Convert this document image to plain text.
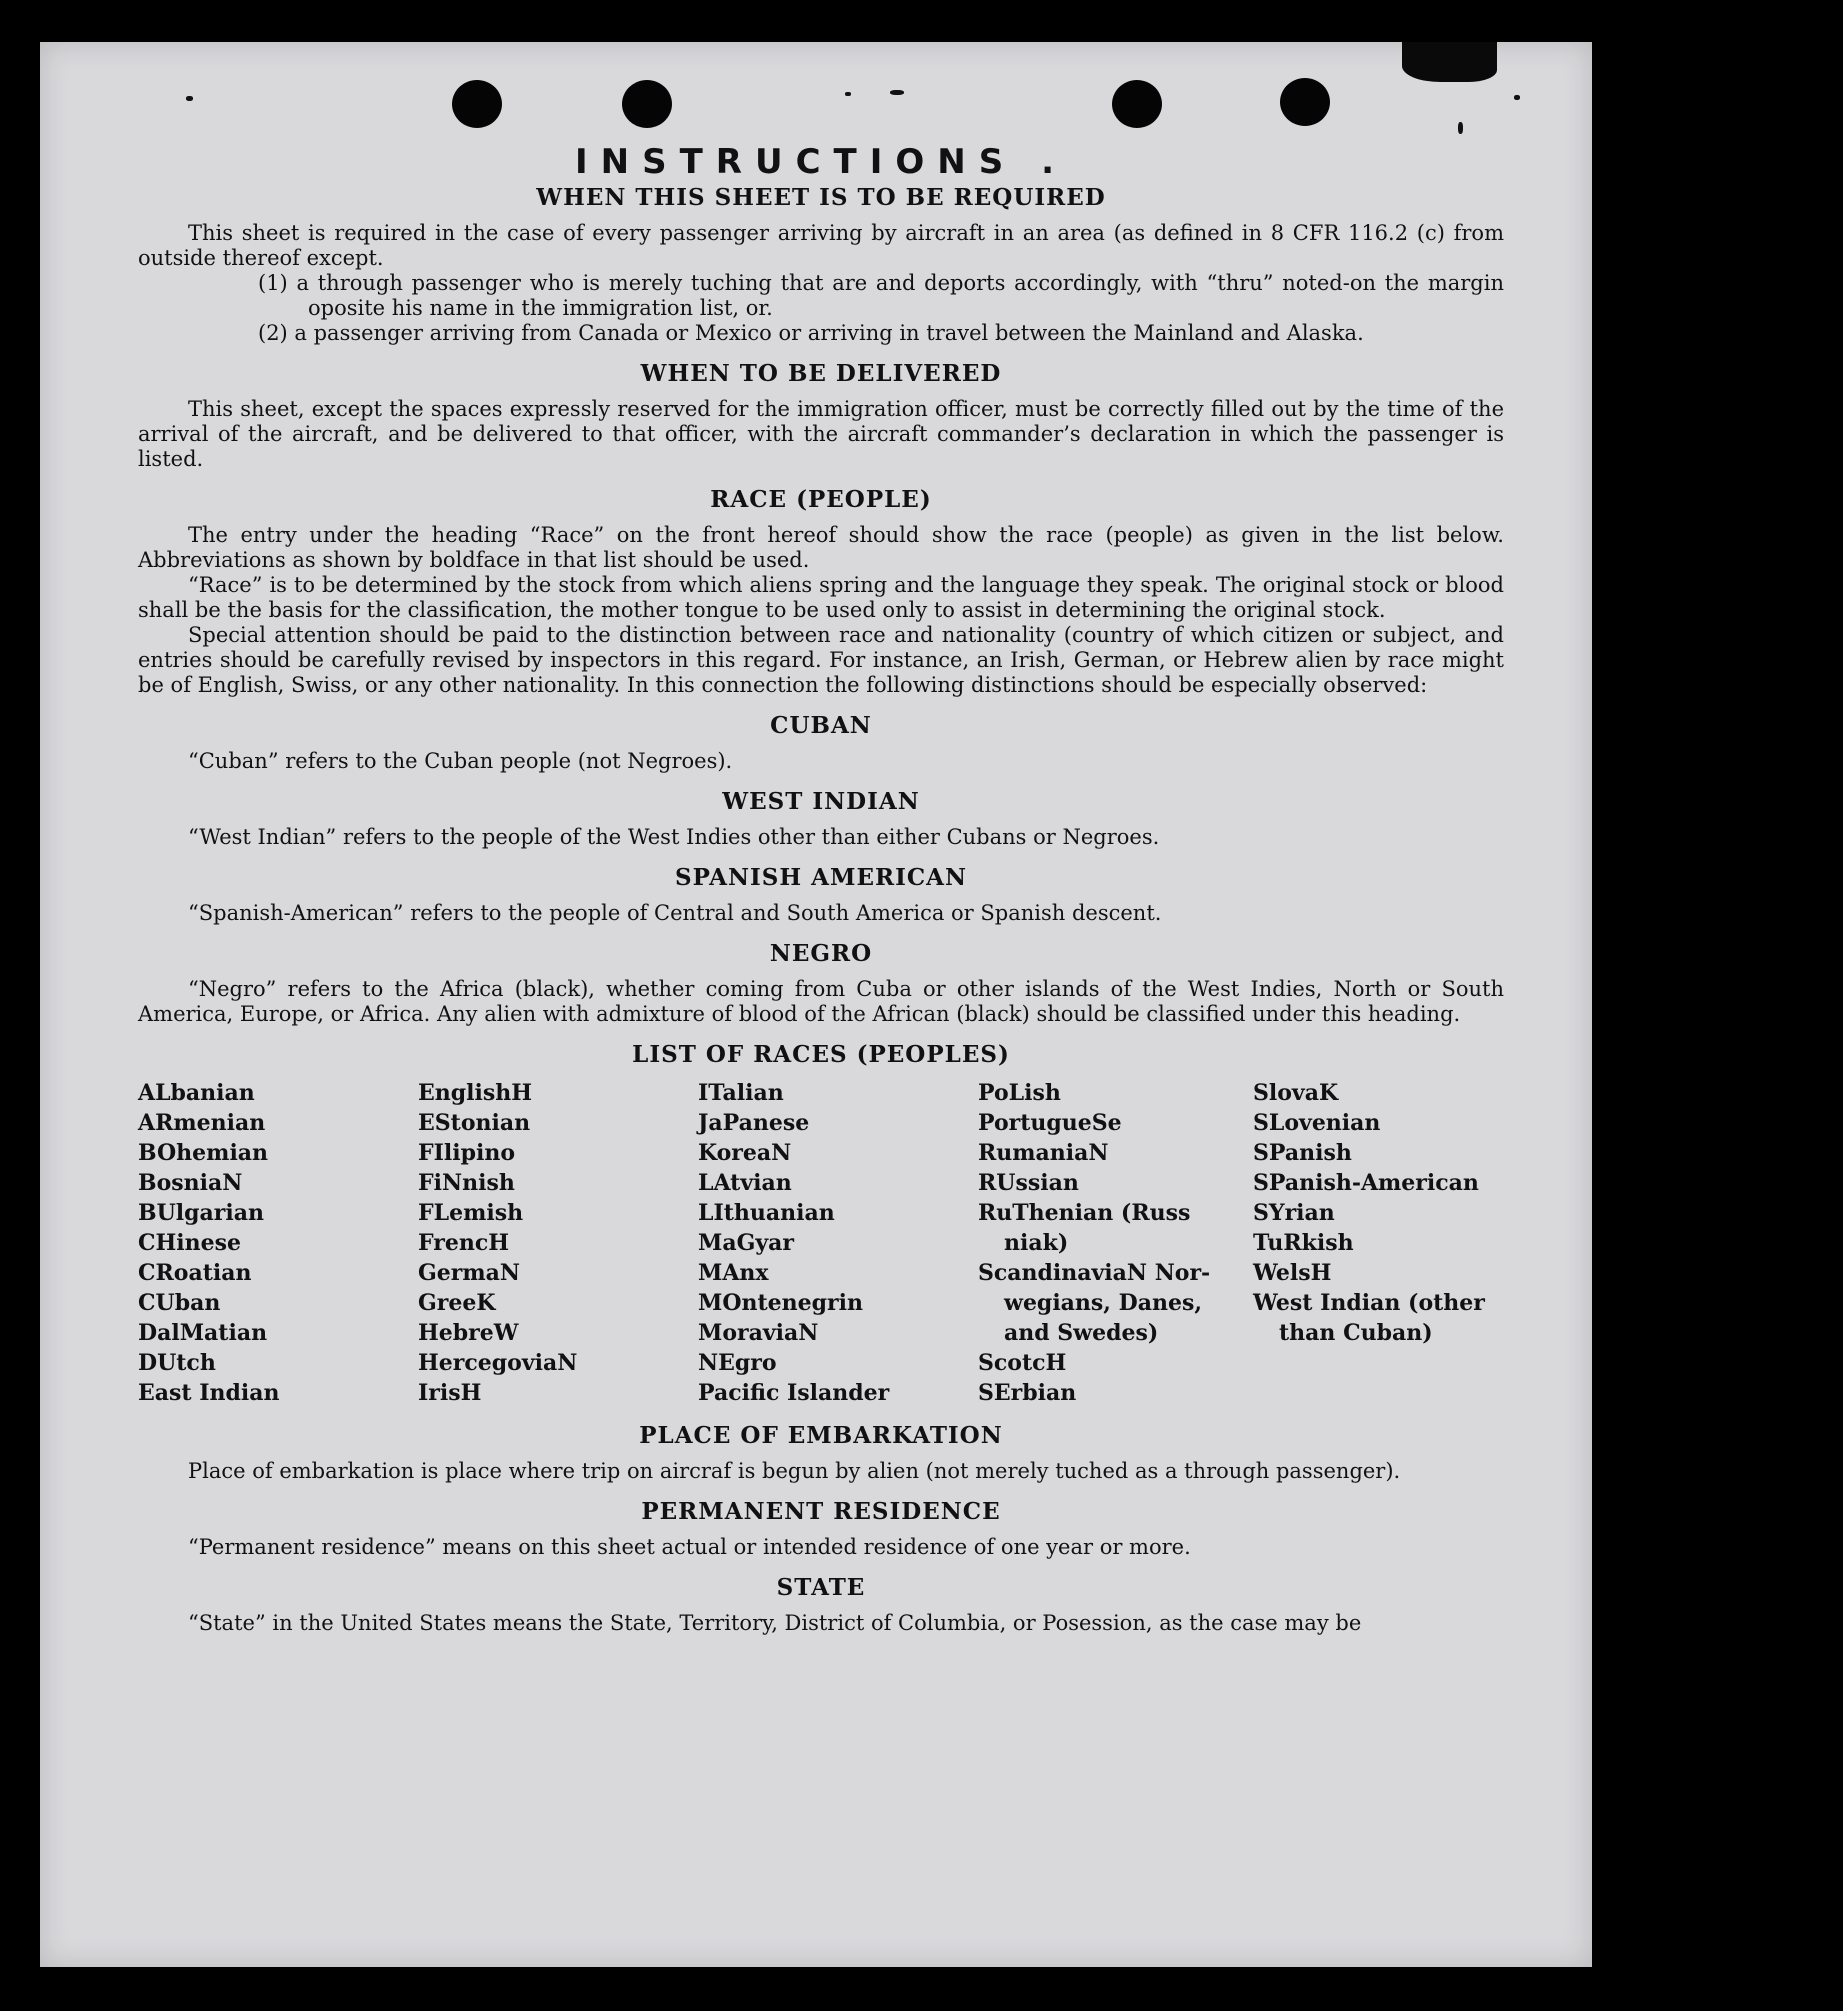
INSTRUCTIONS .
WHEN THIS SHEET IS TO BE REQUIRED

This sheet is required in the case of every passenger arriving by aircraft in an area (as defined in 8 CFR 116.2 (c) from outside thereof except.

(1) a through passenger who is merely tuching that are and deports accordingly, with “thru” noted-on the margin oposite his name in the immigration list, or.

(2) a passenger arriving from Canada or Mexico or arriving in travel between the Mainland and Alaska.

WHEN TO BE DELIVERED

This sheet, except the spaces expressly reserved for the immigration officer, must be correctly filled out by the time of the arrival of the aircraft, and be delivered to that officer, with the aircraft commander’s declaration in which the passenger is listed.

RACE (PEOPLE)

The entry under the heading “Race” on the front hereof should show the race (people) as given in the list below. Abbreviations as shown by boldface in that list should be used.

“Race” is to be determined by the stock from which aliens spring and the language they speak. The original stock or blood shall be the basis for the classification, the mother tongue to be used only to assist in determining the original stock.

Special attention should be paid to the distinction between race and nationality (country of which citizen or subject, and entries should be carefully revised by inspectors in this regard. For instance, an Irish, German, or Hebrew alien by race might be of English, Swiss, or any other nationality. In this connection the following distinctions should be especially observed:

CUBAN

“Cuban” refers to the Cuban people (not Negroes).

WEST INDIAN

“West Indian” refers to the people of the West Indies other than either Cubans or Negroes.

SPANISH AMERICAN

“Spanish-American” refers to the people of Central and South America or Spanish descent.

NEGRO

“Negro” refers to the Africa (black), whether coming from Cuba or other islands of the West Indies, North or South America, Europe, or Africa. Any alien with admixture of blood of the African (black) should be classified under this heading.

LIST OF RACES (PEOPLES)
ALbanian
ARmenian
BOhemian
BosniaN
BUlgarian
CHinese
CRoatian
CUban
DalMatian
DUtch
East Indian
EnglishH
EStonian
FIlipino
FiNnish
FLemish
FrencH
GermaN
GreeK
HebreW
HercegoviaN
IrisH
ITalian
JaPanese
KoreaN
LAtvian
LIthuanian
MaGyar
MAnx
MOntenegrin
MoraviaN
NEgro
Pacific Islander
PoLish
PortugueSe
RumaniaN
RUssian
RuThenian (Russ
niak)
ScandinaviaN Nor-
wegians, Danes,
and Swedes)
ScotcH
SErbian
SlovaK
SLovenian
SPanish
SPanish-American
SYrian
TuRkish
WelsH
West Indian (other
than Cuban)
PLACE OF EMBARKATION

Place of embarkation is place where trip on aircraf is begun by alien (not merely tuched as a through passenger).

PERMANENT RESIDENCE

“Permanent residence” means on this sheet actual or intended residence of one year or more.

STATE

“State” in the United States means the State, Territory, District of Columbia, or Posession, as the case may be
